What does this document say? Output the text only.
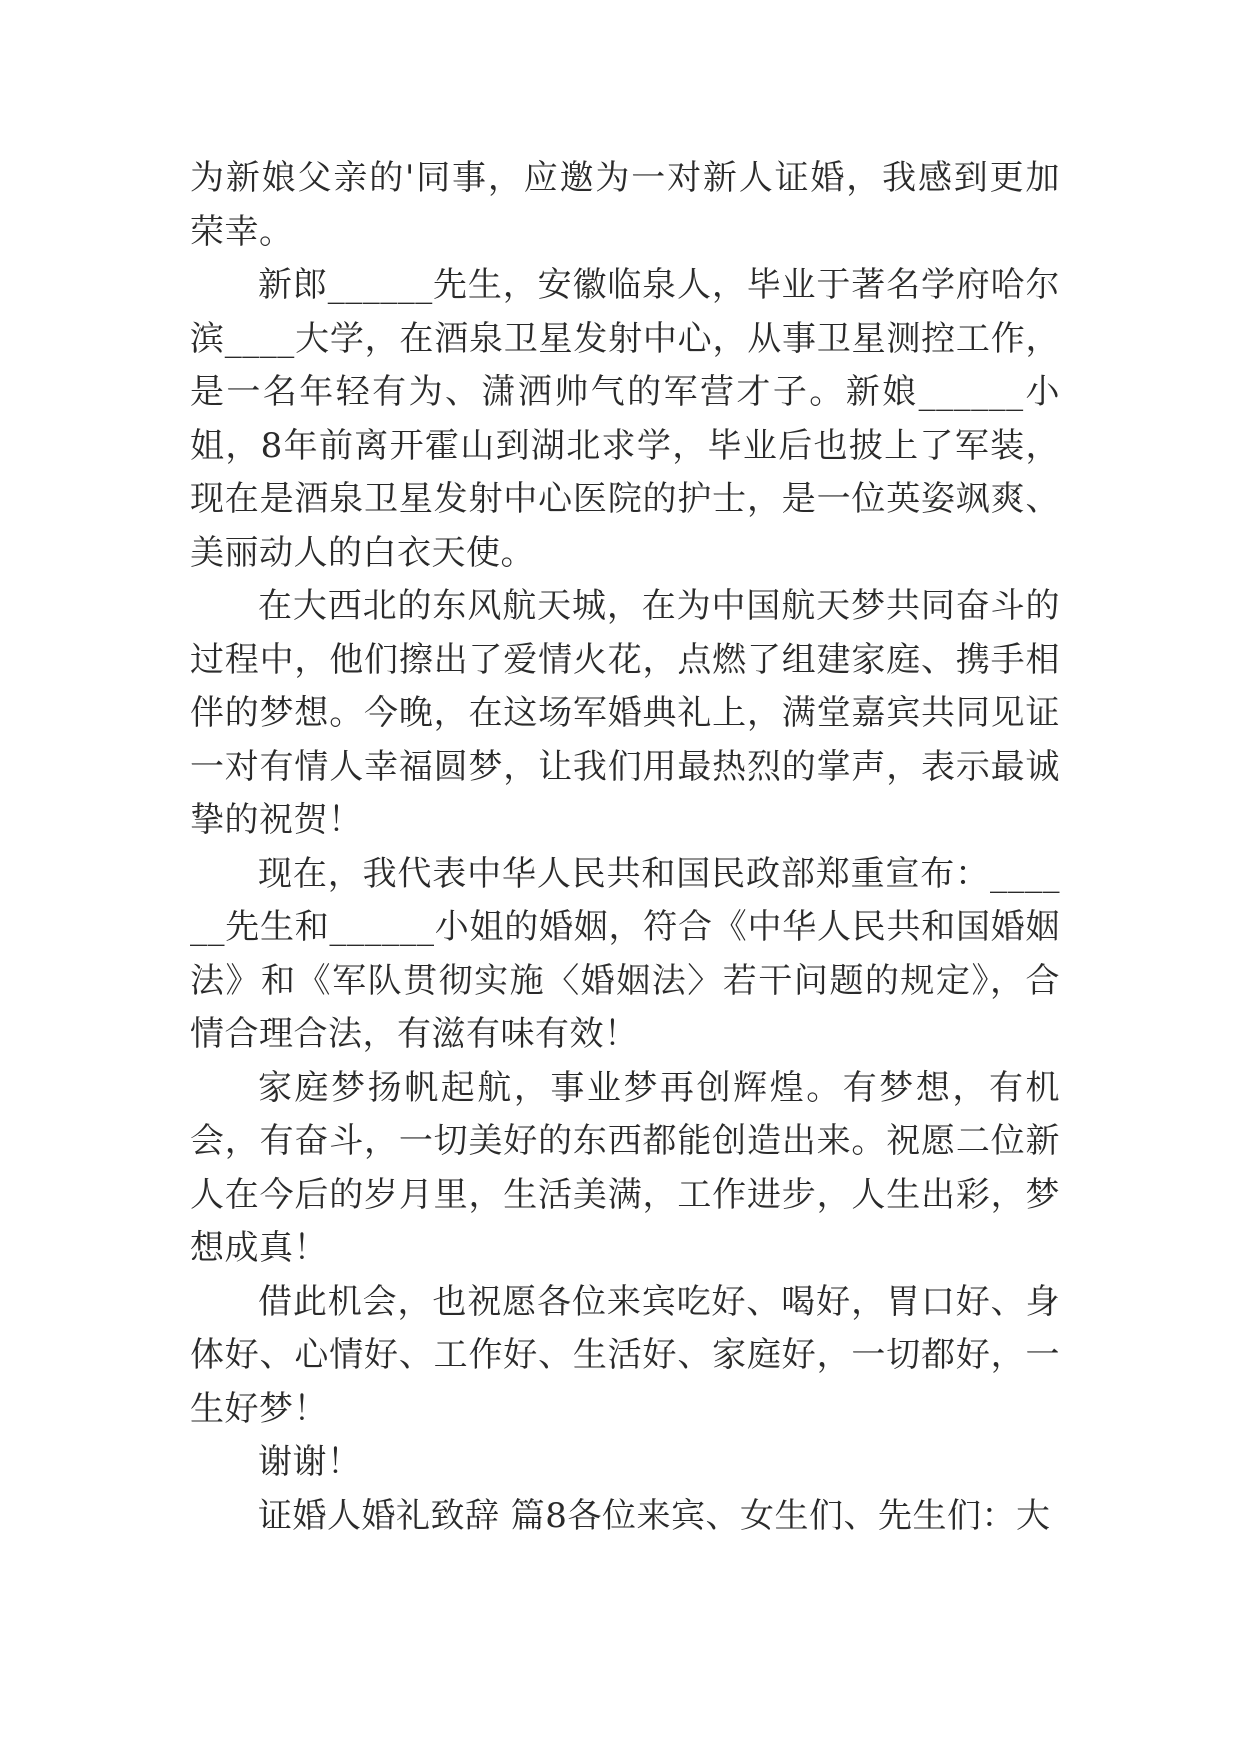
为新娘父亲的'同事，应邀为一对新人证婚，我感到更加荣幸。

新郎______先生，安徽临泉人，毕业于著名学府哈尔滨____大学，在酒泉卫星发射中心，从事卫星测控工作，是一名年轻有为、潇洒帅气的军营才子。新娘______小姐，8年前离开霍山到湖北求学，毕业后也披上了军装，现在是酒泉卫星发射中心医院的护士，是一位英姿飒爽、美丽动人的白衣天使。

在大西北的东风航天城，在为中国航天梦共同奋斗的过程中，他们擦出了爱情火花，点燃了组建家庭、携手相伴的梦想。今晚，在这场军婚典礼上，满堂嘉宾共同见证一对有情人幸福圆梦，让我们用最热烈的掌声，表示最诚挚的祝贺！

现在，我代表中华人民共和国民政部郑重宣布：______先生和______小姐的婚姻，符合《中华人民共和国婚姻法》和《军队贯彻实施〈婚姻法〉若干问题的规定》，合情合理合法，有滋有味有效！

家庭梦扬帆起航，事业梦再创辉煌。有梦想，有机会，有奋斗，一切美好的东西都能创造出来。祝愿二位新人在今后的岁月里，生活美满，工作进步，人生出彩，梦想成真！

借此机会，也祝愿各位来宾吃好、喝好，胃口好、身体好、心情好、工作好、生活好、家庭好，一切都好，一生好梦！

谢谢！

证婚人婚礼致辞 篇8各位来宾、女生们、先生们：大
